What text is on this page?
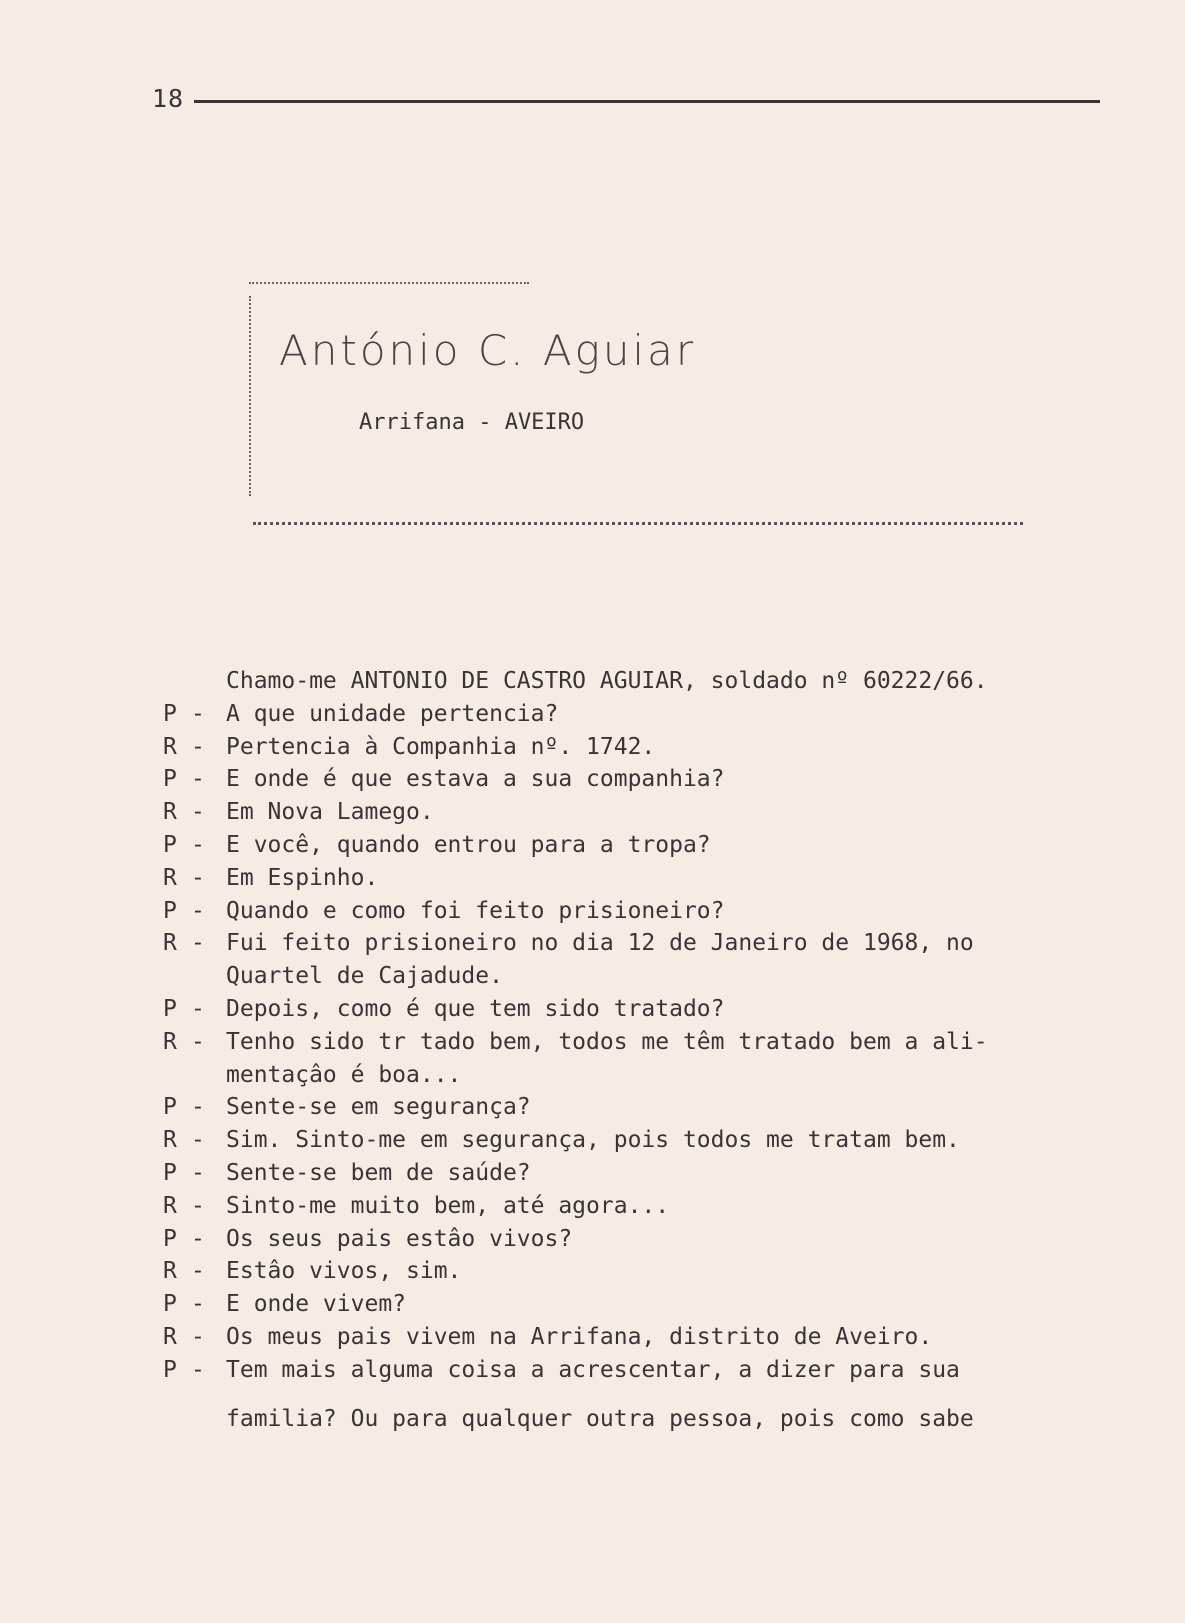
18
António C. Aguiar
Arrifana - AVEIRO
Chamo-me ANTONIO DE CASTRO AGUIAR, soldado nº 60222/66.
P - A que unidade pertencia?
R - Pertencia à Companhia nº. 1742.
P - E onde é que estava a sua companhia?
R - Em Nova Lamego.
P - E você, quando entrou para a tropa?
R - Em Espinho.
P - Quando e como foi feito prisioneiro?
R - Fui feito prisioneiro no dia 12 de Janeiro de 1968, no
Quartel de Cajadude.
P - Depois, como é que tem sido tratado?
R - Tenho sido tr tado bem, todos me têm tratado bem a ali-
mentaçâo é boa...
P - Sente-se em segurança?
R - Sim. Sinto-me em segurança, pois todos me tratam bem.
P - Sente-se bem de saúde?
R - Sinto-me muito bem, até agora...
P - Os seus pais estâo vivos?
R - Estâo vivos, sim.
P - E onde vivem?
R - Os meus pais vivem na Arrifana, distrito de Aveiro.
P - Tem mais alguma coisa a acrescentar, a dizer para sua
familia? Ou para qualquer outra pessoa, pois como sabe
